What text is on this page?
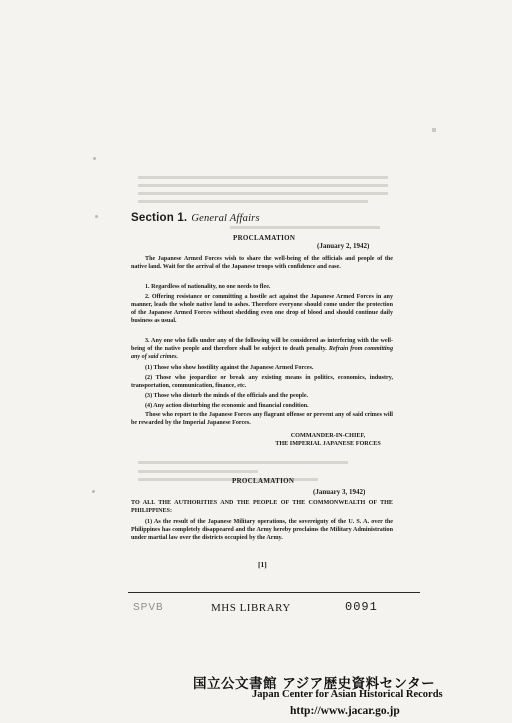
Section 1. General Affairs
PROCLAMATION
(January 2, 1942)

The Japanese Armed Forces wish to share the well-being of the officials and people of the native land. Wait for the arrival of the Japanese troops with confidence and ease.

1. Regardless of nationality, no one needs to flee.

2. Offering resistance or committing a hostile act against the Japanese Armed Forces in any manner, leads the whole native land to ashes. Therefore everyone should come under the protection of the Japanese Armed Forces without shedding even one drop of blood and should continue daily business as usual.

3. Any one who falls under any of the following will be considered as interfering with the well-being of the native people and therefore shall be subject to death penalty. Refrain from committing any of said crimes.

(1) Those who show hostility against the Japanese Armed Forces.

(2) Those who jeopardize or break any existing means in politics, economics, industry, transportation, communication, finance, etc.

(3) Those who disturb the minds of the officials and the people.

(4) Any action disturbing the economic and financial condition.

Those who report to the Japanese Forces any flagrant offense or prevent any of said crimes will be rewarded by the Imperial Japanese Forces.

COMMANDER-IN-CHIEF,
THE IMPERIAL JAPANESE FORCES
PROCLAMATION
(January 3, 1942)

TO ALL THE AUTHORITIES AND THE PEOPLE OF THE COMMONWEALTH OF THE PHILIPPINES:

(1) As the result of the Japanese Military operations, the sovereignty of the U. S. A. over the Philippines has completely disappeared and the Army hereby proclaims the Military Administration under martial law over the districts occupied by the Army.

[1]
SPVB	MHS LIBRARY	0091
国立公文書館 アジア歴史資料センター
Japan Center for Asian Historical Records
http://www.jacar.go.jp
